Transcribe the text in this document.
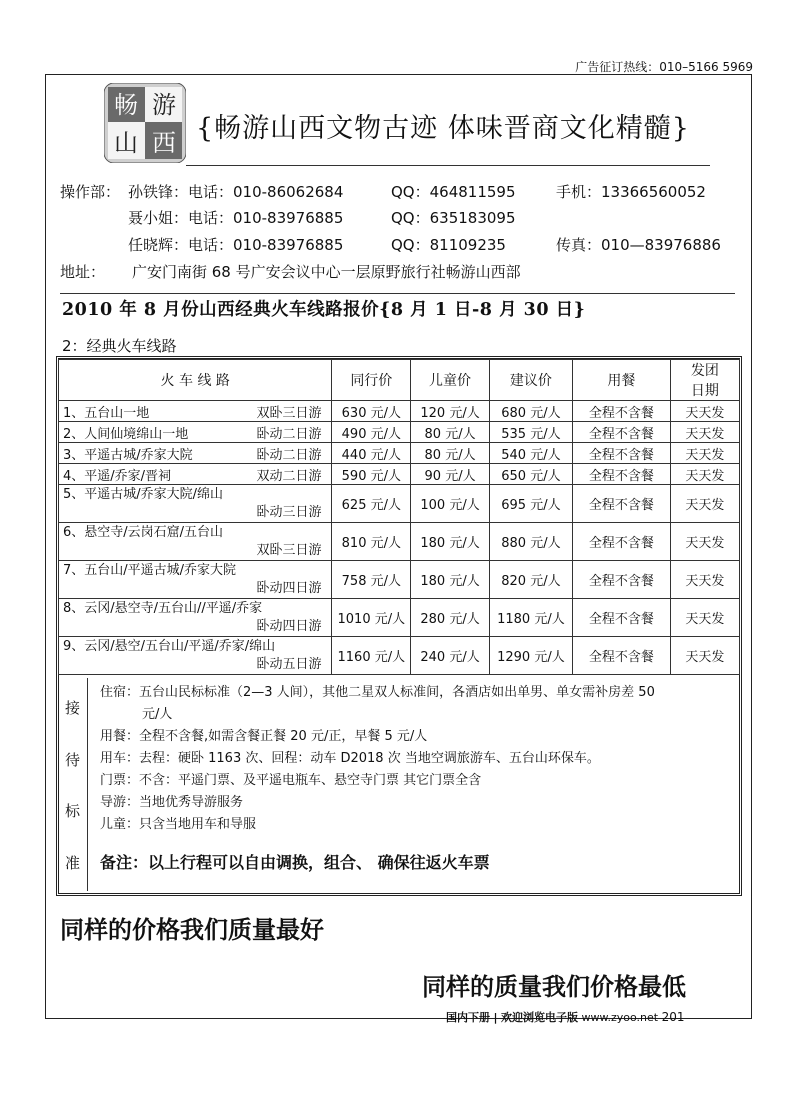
广告征订热线：010–5166 5969
畅 游
山 西 {畅游山西文物古迹 体味晋商文化精髓}
操作部： 孙铁锋：电话：010-86062684	QQ：464811595	手机：13366560052
聂小姐：电话：010-83976885	QQ：635183095
任晓辉：电话：010-83976885	QQ：81109235	传真：010—83976886
地址： 广安门南街 68 号广安会议中心一层原野旅行社畅游山西部
2010 年 8 月份山西经典火车线路报价{8 月 1 日-8 月 30 日}
2：经典火车线路
火 车 线 路	同行价	儿童价	建议价	用餐	发团
日期

1、五台山一地 双卧三日游	630 元/人	120 元/人	680 元/人	全程不含餐	天天发

2、人间仙境绵山一地 卧动二日游	490 元/人	80 元/人	535 元/人	全程不含餐	天天发

3、平遥古城/乔家大院 卧动二日游	440 元/人	80 元/人	540 元/人	全程不含餐	天天发

4、平遥/乔家/晋祠 双动二日游	590 元/人	90 元/人	650 元/人	全程不含餐	天天发

5、平遥古城/乔家大院/绵山
卧动三日游	625 元/人	100 元/人	695 元/人	全程不含餐	天天发

6、悬空寺/云岗石窟/五台山
双卧三日游	810 元/人	180 元/人	880 元/人	全程不含餐	天天发

7、五台山/平遥古城/乔家大院
卧动四日游	758 元/人	180 元/人	820 元/人	全程不含餐	天天发

8、云冈/悬空寺/五台山//平遥/乔家
卧动四日游	1010 元/人	280 元/人	1180 元/人	全程不含餐	天天发

9、云冈/悬空/五台山/平遥/乔家/绵山
卧动五日游	1160 元/人	240 元/人	1290 元/人	全程不含餐	天天发
接
待
标
准
住宿：五台山民标标准（2—3 人间），其他二星双人标准间，各酒店如出单男、单女需补房差 50
元/人
用餐：全程不含餐,如需含餐正餐 20 元/正，早餐 5 元/人
用车：去程：硬卧 1163 次、回程：动车 D2018 次 当地空调旅游车、五台山环保车。
门票：不含：平遥门票、及平遥电瓶车、悬空寺门票 其它门票全含
导游：当地优秀导游服务
儿童：只含当地用车和导服
备注：以上行程可以自由调换，组合、 确保往返火车票
同样的价格我们质量最好
同样的质量我们价格最低
国内下册 | 欢迎浏览电子版 www.zyoo.net 201
